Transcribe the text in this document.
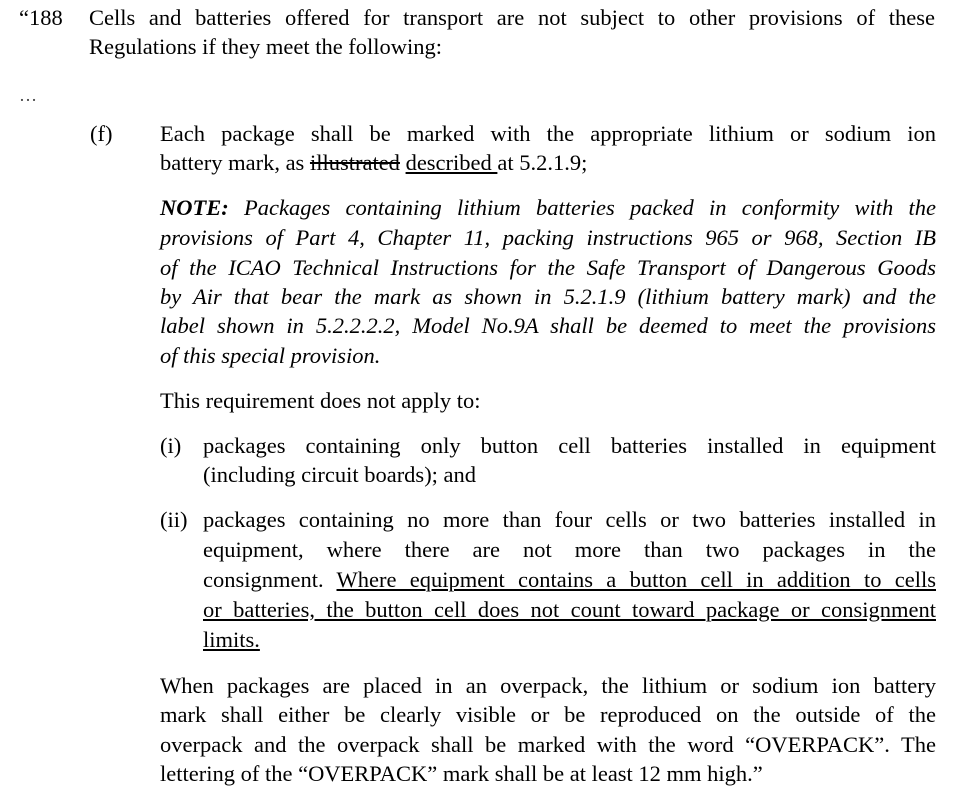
“188 Cells and batteries offered for transport are not subject to other provisions of these
Regulations if they meet the following:
…
(f) Each package shall be marked with the appropriate lithium or sodium ion
battery mark, as illustrated described at 5.2.1.9;
NOTE: Packages containing lithium batteries packed in conformity with the
provisions of Part 4, Chapter 11, packing instructions 965 or 968, Section IB
of the ICAO Technical Instructions for the Safe Transport of Dangerous Goods
by Air that bear the mark as shown in 5.2.1.9 (lithium battery mark) and the
label shown in 5.2.2.2.2, Model No.9A shall be deemed to meet the provisions
of this special provision.
This requirement does not apply to:
(i) packages containing only button cell batteries installed in equipment
(including circuit boards); and
(ii) packages containing no more than four cells or two batteries installed in
equipment, where there are not more than two packages in the
consignment. Where equipment contains a button cell in addition to cells
or batteries, the button cell does not count toward package or consignment
limits.
When packages are placed in an overpack, the lithium or sodium ion battery
mark shall either be clearly visible or be reproduced on the outside of the
overpack and the overpack shall be marked with the word “OVERPACK”. The
lettering of the “OVERPACK” mark shall be at least 12 mm high.”
